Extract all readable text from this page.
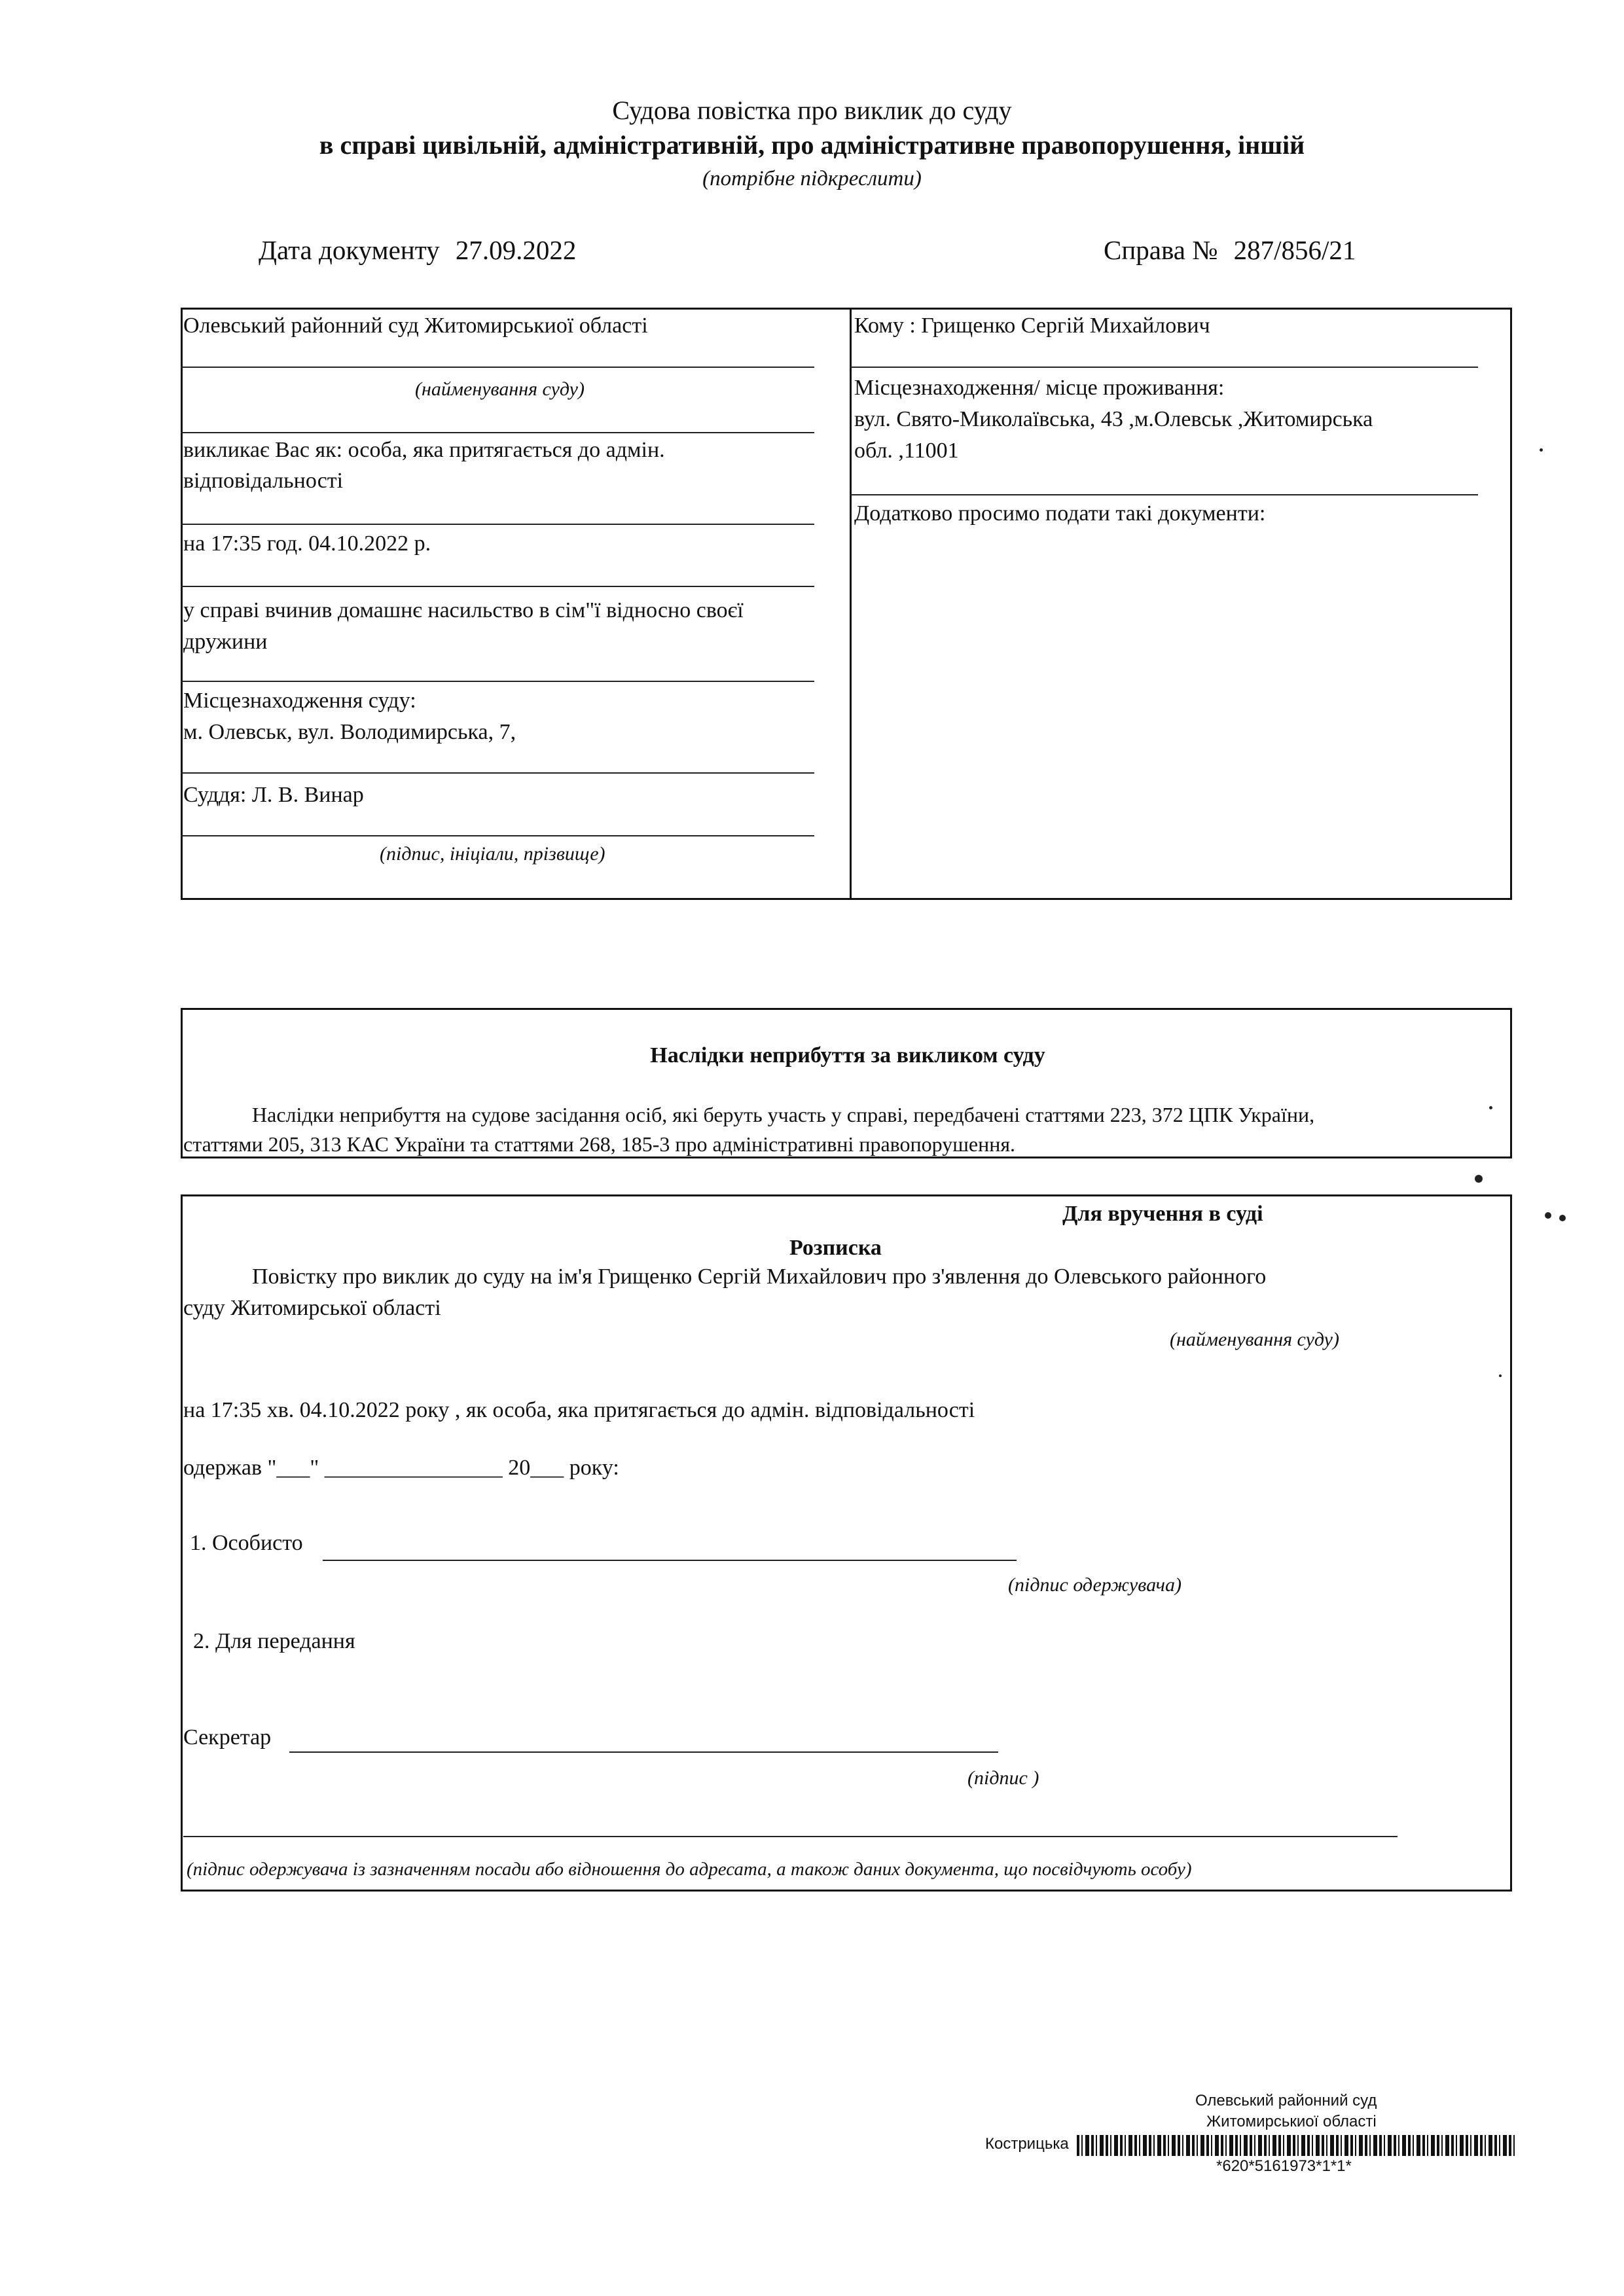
Судова повістка про виклик до суду
в справі цивільній, адміністративній, про адміністративне правопорушення, іншій
(потрібне підкреслити)
Дата документу 27.09.2022	Справа № 287/856/21
Олевський районний суд Житомирськиої області
(найменування суду)
викликає Вас як: особа, яка притягається до адмін.
відповідальності
на 17:35 год. 04.10.2022 р.
у справі вчинив домашнє насильство в сім"ї відносно своєї
дружини
Місцезнаходження суду:
м. Олевськ, вул. Володимирська, 7,
Суддя: Л. В. Винар
(підпис, ініціали, прізвище)
Кому : Грищенко Сергій Михайлович
Місцезнаходження/ місце проживання:
вул. Свято-Миколаївська, 43 ,м.Олевськ ,Житомирська
обл. ,11001
Додатково просимо подати такі документи:
Наслідки неприбуття за викликом суду
Наслідки неприбуття на судове засідання осіб, які беруть участь у справі, передбачені статтями 223, 372 ЦПК України,
статтями 205, 313 КАС України та статтями 268, 185-3 про адміністративні правопорушення.
Для вручення в суді
Розписка
Повістку про виклик до суду на ім'я Грищенко Сергій Михайлович про з'явлення до Олевського районного
суду Житомирської області
(найменування суду)
на 17:35 хв. 04.10.2022 року , як особа, яка притягається до адмін. відповідальності
одержав "___" ________________ 20___ року:
1. Особисто
(підпис одержувача)
2. Для передання
Секретар
(підпис )
(підпис одержувача із зазначенням посади або відношення до адресата, а також даних документа, що посвідчують особу)
Олевський районний суд
Житомирськиої області
Кострицька
*620*5161973*1*1*
